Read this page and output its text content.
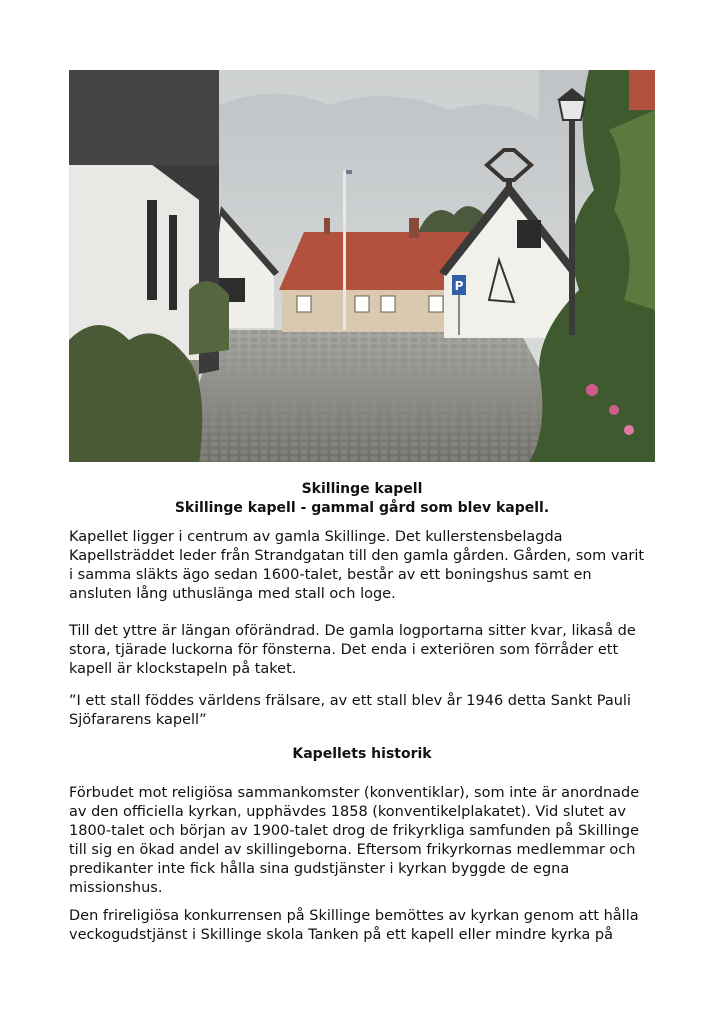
P

Skillinge kapell

Skillinge kapell - gammal gård som blev kapell.

Kapellet ligger i centrum av gamla Skillinge. Det kullerstensbelagda
Kapellsträddet leder från Strandgatan till den gamla gården. Gården, som varit
i samma släkts ägo sedan 1600-talet, består av ett boningshus samt en
ansluten lång uthuslänga med stall och loge.

Till det yttre är längan oförändrad. De gamla logportarna sitter kvar, likaså de
stora, tjärade luckorna för fönsterna. Det enda i exteriören som förråder ett
kapell är klockstapeln på taket.

”I ett stall föddes världens frälsare, av ett stall blev år 1946 detta Sankt Pauli
Sjöfararens kapell”

Kapellets historik

Förbudet mot religiösa sammankomster (konventiklar), som inte är anordnade
av den officiella kyrkan, upphävdes 1858 (konventikelplakatet). Vid slutet av
1800-talet och början av 1900-talet drog de frikyrkliga samfunden på Skillinge
till sig en ökad andel av skillingeborna. Eftersom frikyrkornas medlemmar och
predikanter inte fick hålla sina gudstjänster i kyrkan byggde de egna
missionshus.

Den frireligiösa konkurrensen på Skillinge bemöttes av kyrkan genom att hålla
veckogudstjänst i Skillinge skola Tanken på ett kapell eller mindre kyrka på
